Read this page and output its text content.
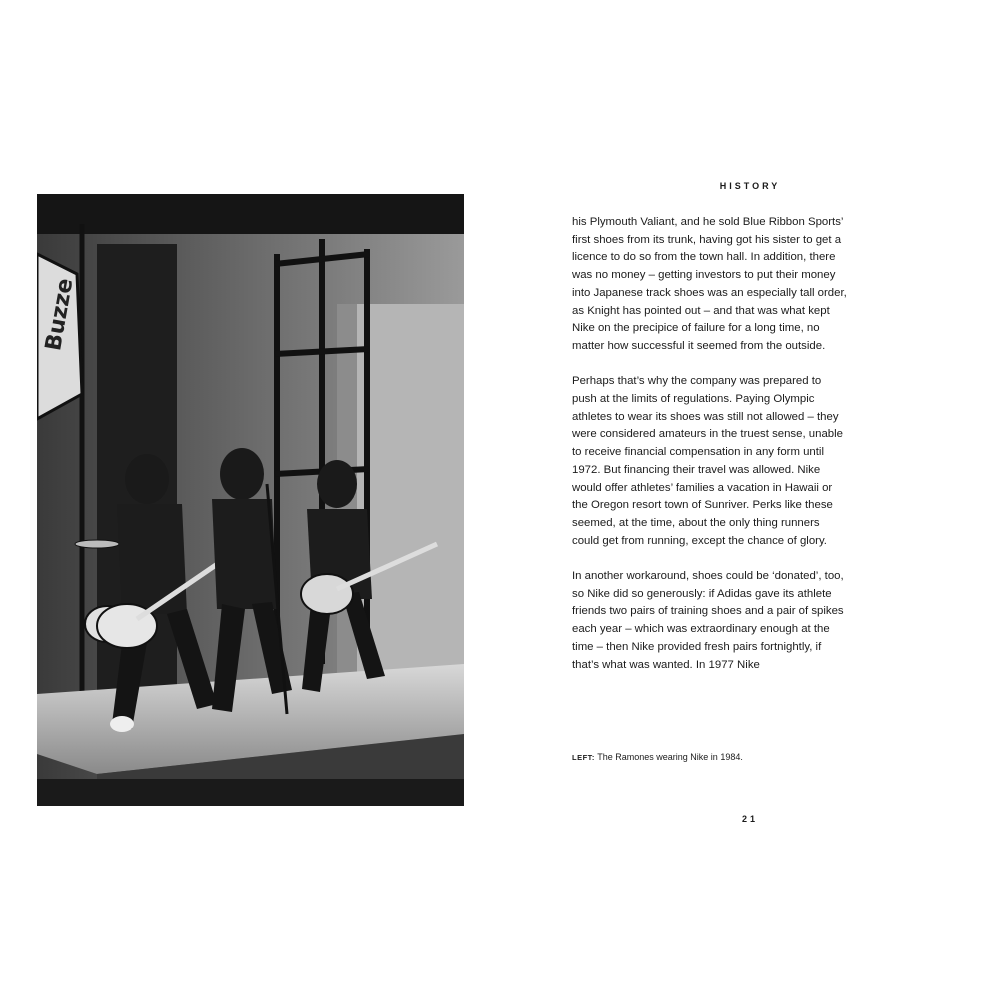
Buzze
HISTORY

his Plymouth Valiant, and he sold Blue Ribbon Sports’ first shoes from its trunk, having got his sister to get a licence to do so from the town hall. In addition, there was no money – getting investors to put their money into Japanese track shoes was an especially tall order, as Knight has pointed out – and that was what kept Nike on the precipice of failure for a long time, no matter how successful it seemed from the outside.

Perhaps that’s why the company was prepared to push at the limits of regulations. Paying Olympic athletes to wear its shoes was still not allowed – they were considered amateurs in the truest sense, unable to receive financial compensation in any form until 1972. But financing their travel was allowed. Nike would offer athletes’ families a vacation in Hawaii or the Oregon resort town of Sunriver. Perks like these seemed, at the time, about the only thing runners could get from running, except the chance of glory.

In another workaround, shoes could be ‘donated’, too, so Nike did so generously: if Adidas gave its athlete friends two pairs of training shoes and a pair of spikes each year – which was extraordinary enough at the time – then Nike provided fresh pairs fortnightly, if that’s what was wanted. In 1977 Nike

LEFT: The Ramones wearing Nike in 1984.
21
